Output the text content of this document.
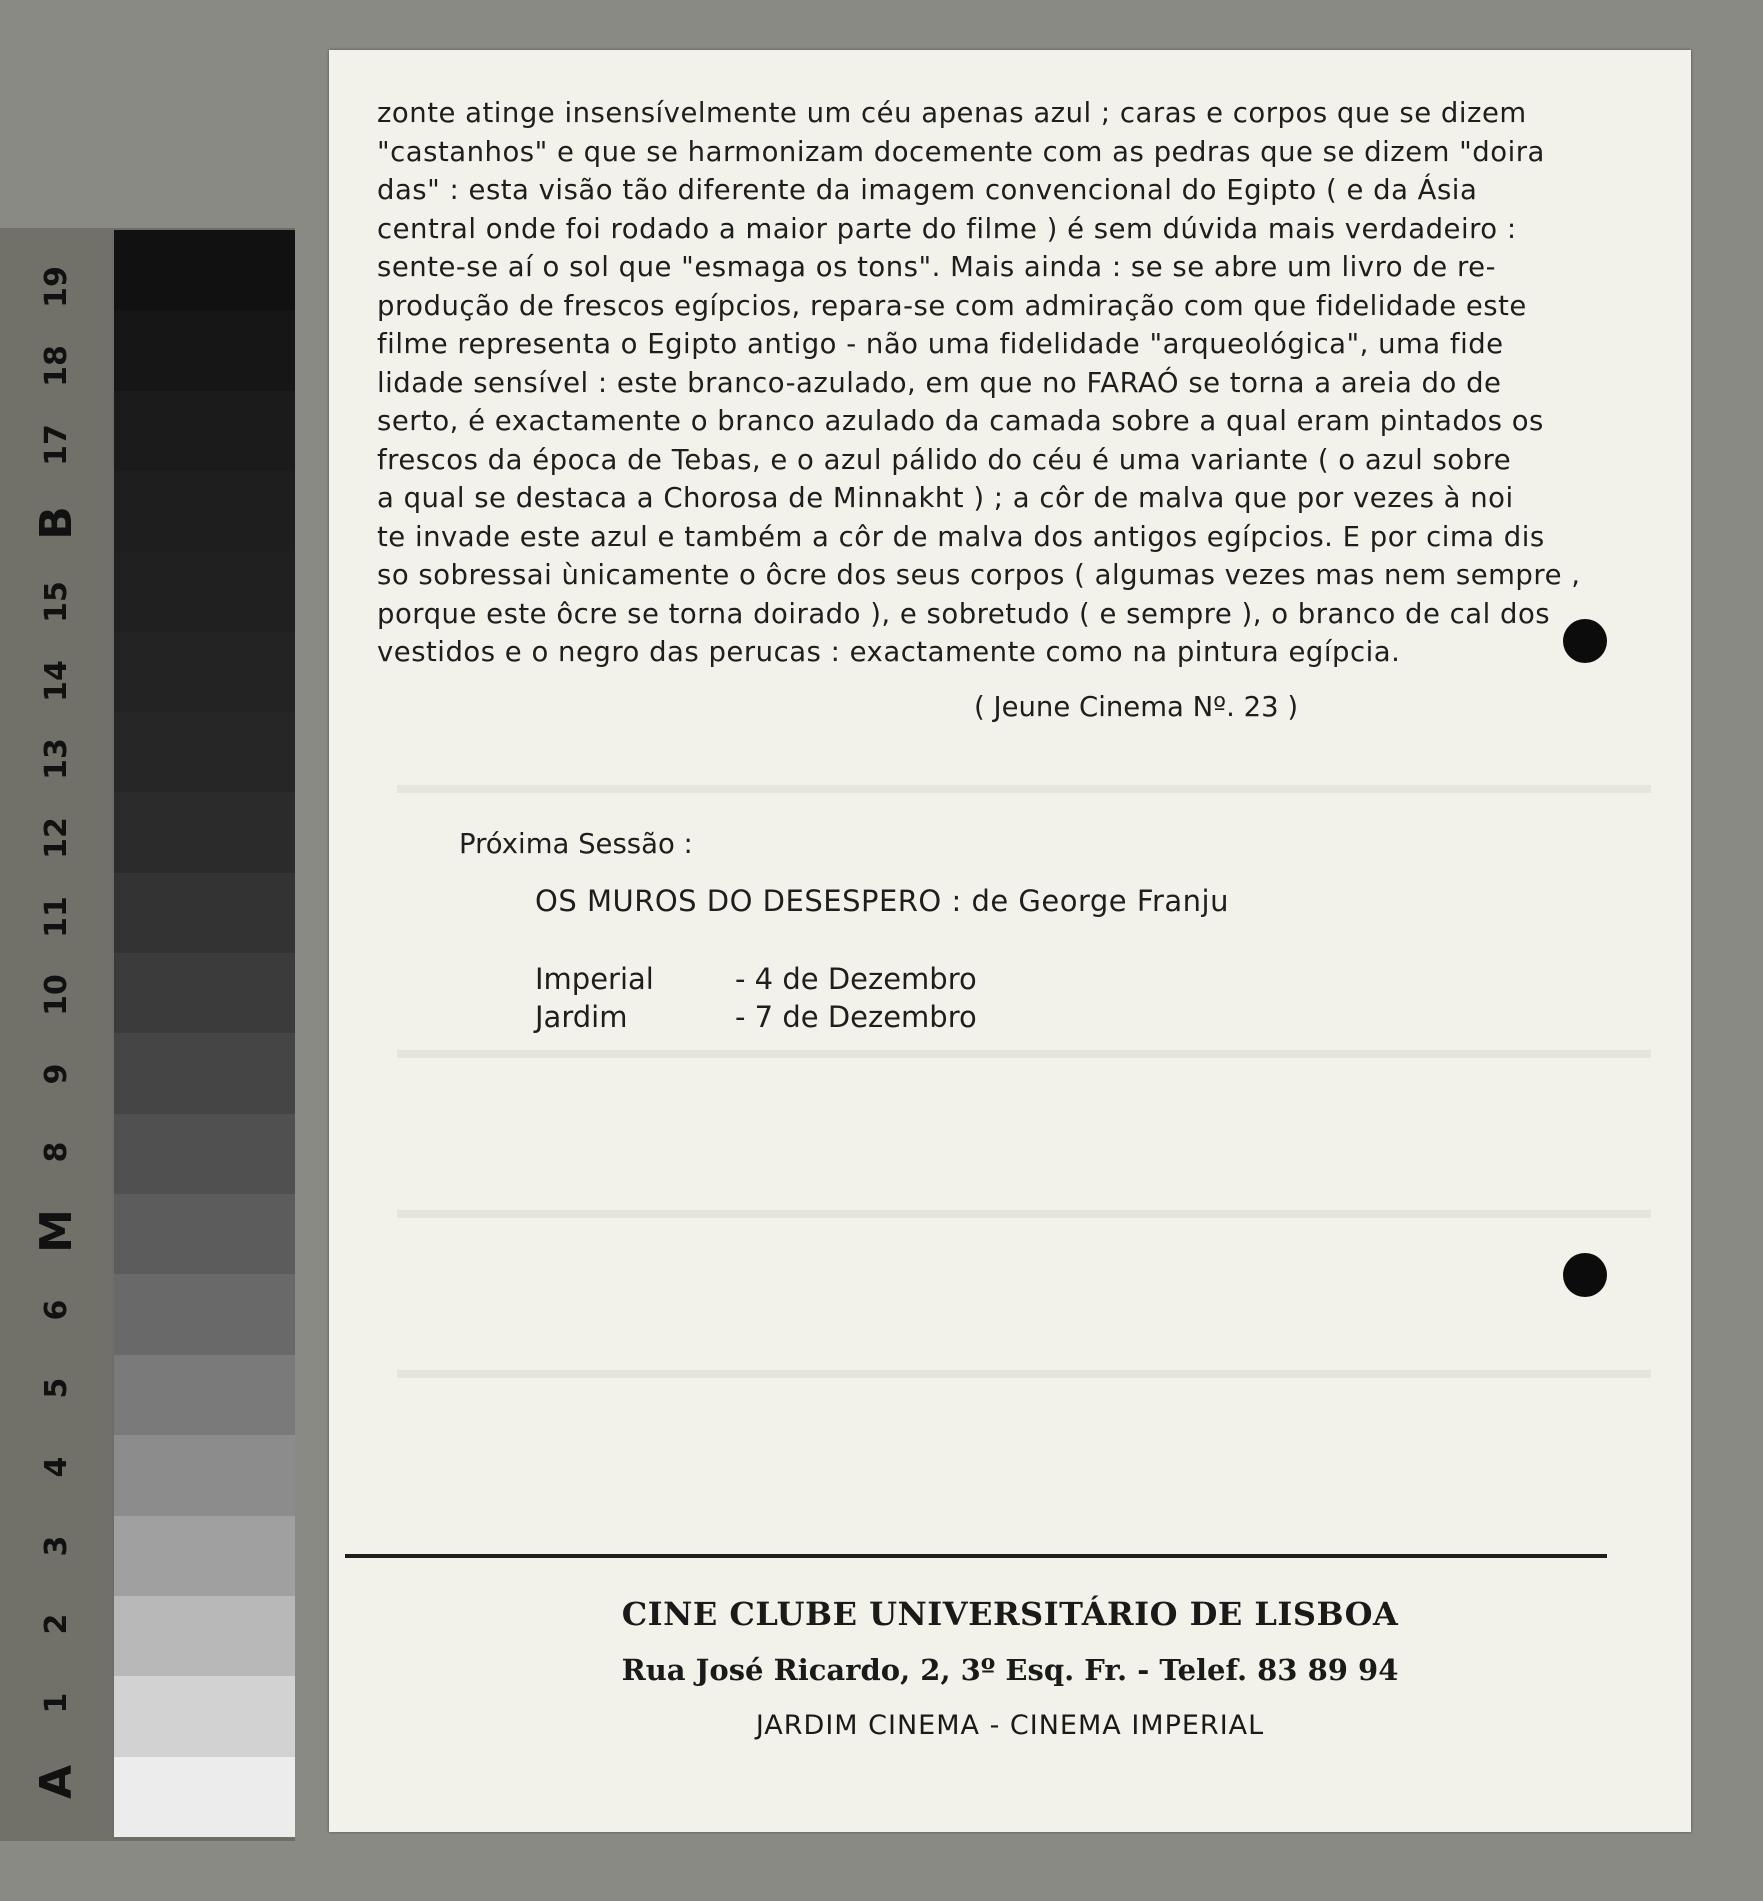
19
18
17
B
15
14
13
12
11
10
9
8
M
6
5
4
3
2
1
A
zonte atinge insensívelmente um céu apenas azul ; caras e corpos que se dizem
"castanhos" e que se harmonizam docemente com as pedras que se dizem "doira
das" : esta visão tão diferente da imagem convencional do Egipto ( e da Ásia
central onde foi rodado a maior parte do filme ) é sem dúvida mais verdadeiro :
sente-se aí o sol que "esmaga os tons". Mais ainda : se se abre um livro de re-
produção de frescos egípcios, repara-se com admiração com que fidelidade este
filme representa o Egipto antigo - não uma fidelidade "arqueológica", uma fide
lidade sensível : este branco-azulado, em que no FARAÓ se torna a areia do de
serto, é exactamente o branco azulado da camada sobre a qual eram pintados os
frescos da época de Tebas, e o azul pálido do céu é uma variante ( o azul sobre
a qual se destaca a Chorosa de Minnakht ) ; a côr de malva que por vezes à noi
te invade este azul e também a côr de malva dos antigos egípcios. E por cima dis
so sobressai ùnicamente o ôcre dos seus corpos ( algumas vezes mas nem sempre ,
porque este ôcre se torna doirado ), e sobretudo ( e sempre ), o branco de cal dos
vestidos e o negro das perucas : exactamente como na pintura egípcia.
( Jeune Cinema Nº. 23 )
Próxima Sessão :
OS MUROS DO DESESPERO : de George Franju
Imperial	- 4 de Dezembro
Jardim	- 7 de Dezembro
CINE CLUBE UNIVERSITÁRIO DE LISBOA
Rua José Ricardo, 2, 3º Esq. Fr. - Telef. 83 89 94
JARDIM CINEMA - CINEMA IMPERIAL
